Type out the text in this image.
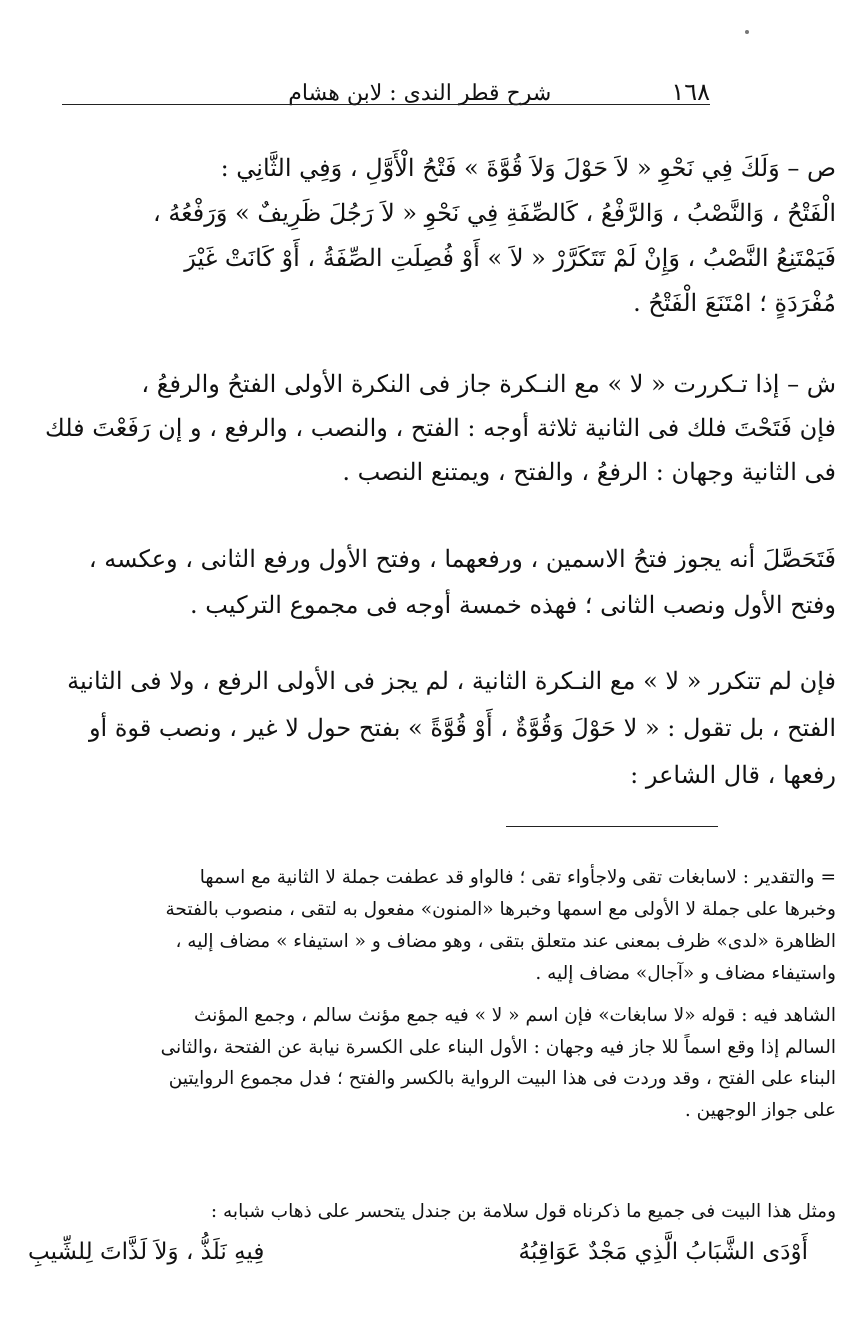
١٦٨
شرح قطر الندى : لابن هشام
ص – وَلَكَ فِي نَحْوِ « لاَ حَوْلَ وَلاَ قُوَّةَ » فَتْحُ الْأَوَّلِ ، وَفِي الثَّانِي :
الْفَتْحُ ، وَالنَّصْبُ ، وَالرَّفْعُ ، كَالصِّفَةِ فِي نَحْوِ « لاَ رَجُلَ ظَرِيفٌ » وَرَفْعُهُ ،
فَيَمْتَنِعُ النَّصْبُ ، وَإِنْ لَمْ تَتَكَرَّرْ « لاَ » أَوْ فُصِلَتِ الصِّفَةُ ، أَوْ كَانَتْ غَيْرَ
مُفْرَدَةٍ ؛ امْتَنَعَ الْفَتْحُ .
ش – إذا تـكررت « لا » مع النـكرة جاز فى النكرة الأولى الفتحُ والرفعُ ،
فإن فَتَحْتَ فلك فى الثانية ثلاثة أوجه : الفتح ، والنصب ، والرفع ، و إن رَفَعْتَ فلك
فى الثانية وجهان : الرفعُ ، والفتح ، ويمتنع النصب .
فَتَحَصَّلَ أنه يجوز فتحُ الاسمين ، ورفعهما ، وفتح الأول ورفع الثانى ، وعكسه ،
وفتح الأول ونصب الثانى ؛ فهذه خمسة أوجه فى مجموع التركيب .
فإن لم تتكرر « لا » مع النـكرة الثانية ، لم يجز فى الأولى الرفع ، ولا فى الثانية
الفتح ، بل تقول : « لا حَوْلَ وَقُوَّةٌ ، أَوْ قُوَّةً » بفتح حول لا غير ، ونصب قوة أو
رفعها ، قال الشاعر :
= والتقدير : لاسابغات تقى ولاجأواء تقى ؛ فالواو قد عطفت جملة لا الثانية مع اسمها
وخبرها على جملة لا الأولى مع اسمها وخبرها «المنون» مفعول به لتقى ، منصوب بالفتحة
الظاهرة «لدى» ظرف بمعنى عند متعلق بتقى ، وهو مضاف و « استيفاء » مضاف إليه ،
واستيفاء مضاف و «آجال» مضاف إليه .
الشاهد فيه : قوله «لا سابغات» فإن اسم « لا » فيه جمع مؤنث سالم ، وجمع المؤنث
السالم إذا وقع اسماً للا جاز فيه وجهان : الأول البناء على الكسرة نيابة عن الفتحة ،والثانى
البناء على الفتح ، وقد وردت فى هذا البيت الرواية بالكسر والفتح ؛ فدل مجموع الروايتين
على جواز الوجهين .
ومثل هذا البيت فى جميع ما ذكرناه قول سلامة بن جندل يتحسر على ذهاب شبابه :
أَوْدَى الشَّبَابُ الَّذِي مَجْدٌ عَوَاقِبُهُ
فِيهِ نَلَذُّ ، وَلاَ لَذَّاتَ لِلشِّيبِ
